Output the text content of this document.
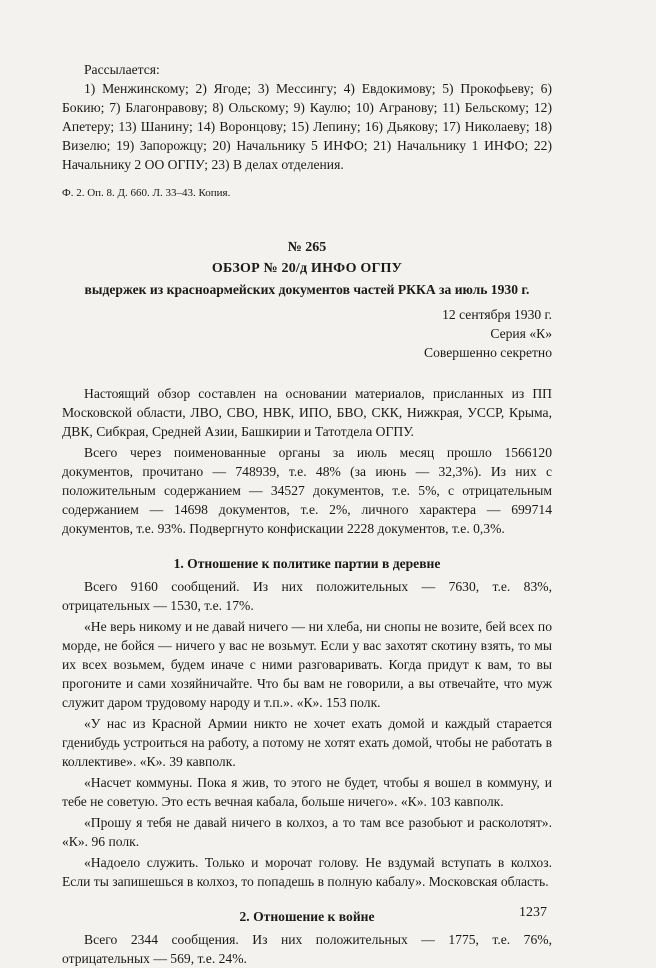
Рассылается:

1) Менжинскому; 2) Ягоде; 3) Мессингу; 4) Евдокимову; 5) Прокофьеву; 6) Бокию; 7) Благонравову; 8) Ольскому; 9) Каулю; 10) Агранову; 11) Бельскому; 12) Апетеру; 13) Шанину; 14) Воронцову; 15) Лепину; 16) Дьякову; 17) Николаеву; 18) Визелю; 19) Запорожцу; 20) Начальнику 5 ИНФО; 21) Начальнику 1 ИНФО; 22) Начальнику 2 ОО ОГПУ; 23) В делах отделения.

Ф. 2. Оп. 8. Д. 660. Л. 33–43. Копия.

№ 265

ОБЗОР № 20/д ИНФО ОГПУ

выдержек из красноармейских документов частей РККА за июль 1930 г.

12 сентября 1930 г.
Серия «К»
Совершенно секретно

Настоящий обзор составлен на основании материалов, присланных из ПП Московской области, ЛВО, СВО, НВК, ИПО, БВО, СКК, Нижкрая, УССР, Крыма, ДВК, Сибкрая, Средней Азии, Башкирии и Татотдела ОГПУ.

Всего через поименованные органы за июль месяц прошло 1566120 документов, прочитано — 748939, т.е. 48% (за июнь — 32,3%). Из них с положительным содержанием — 34527 документов, т.е. 5%, с отрицательным содержанием — 14698 документов, т.е. 2%, личного характера — 699714 документов, т.е. 93%. Подвергнуто конфискации 2228 документов, т.е. 0,3%.

1. Отношение к политике партии в деревне

Всего 9160 сообщений. Из них положительных — 7630, т.е. 83%, отрицательных — 1530, т.е. 17%.

«Не верь никому и не давай ничего — ни хлеба, ни снопы не возите, бей всех по морде, не бойся — ничего у вас не возьмут. Если у вас захотят скотину взять, то мы их всех возьмем, будем иначе с ними разговаривать. Когда придут к вам, то вы прогоните и сами хозяйничайте. Что бы вам не говорили, а вы отвечайте, что муж служит даром трудовому народу и т.п.». «К». 153 полк.

«У нас из Красной Армии никто не хочет ехать домой и каждый старается гденибудь устроиться на работу, а потому не хотят ехать домой, чтобы не работать в коллективе». «К». 39 кавполк.

«Насчет коммуны. Пока я жив, то этого не будет, чтобы я вошел в коммуну, и тебе не советую. Это есть вечная кабала, больше ничего». «К». 103 кавполк.

«Прошу я тебя не давай ничего в колхоз, а то там все разобьют и расколотят». «К». 96 полк.

«Надоело служить. Только и морочат голову. Не вздумай вступать в колхоз. Если ты запишешься в колхоз, то попадешь в полную кабалу». Московская область.

2. Отношение к войне

Всего 2344 сообщения. Из них положительных — 1775, т.е. 76%, отрицательных — 569, т.е. 24%.

1237
